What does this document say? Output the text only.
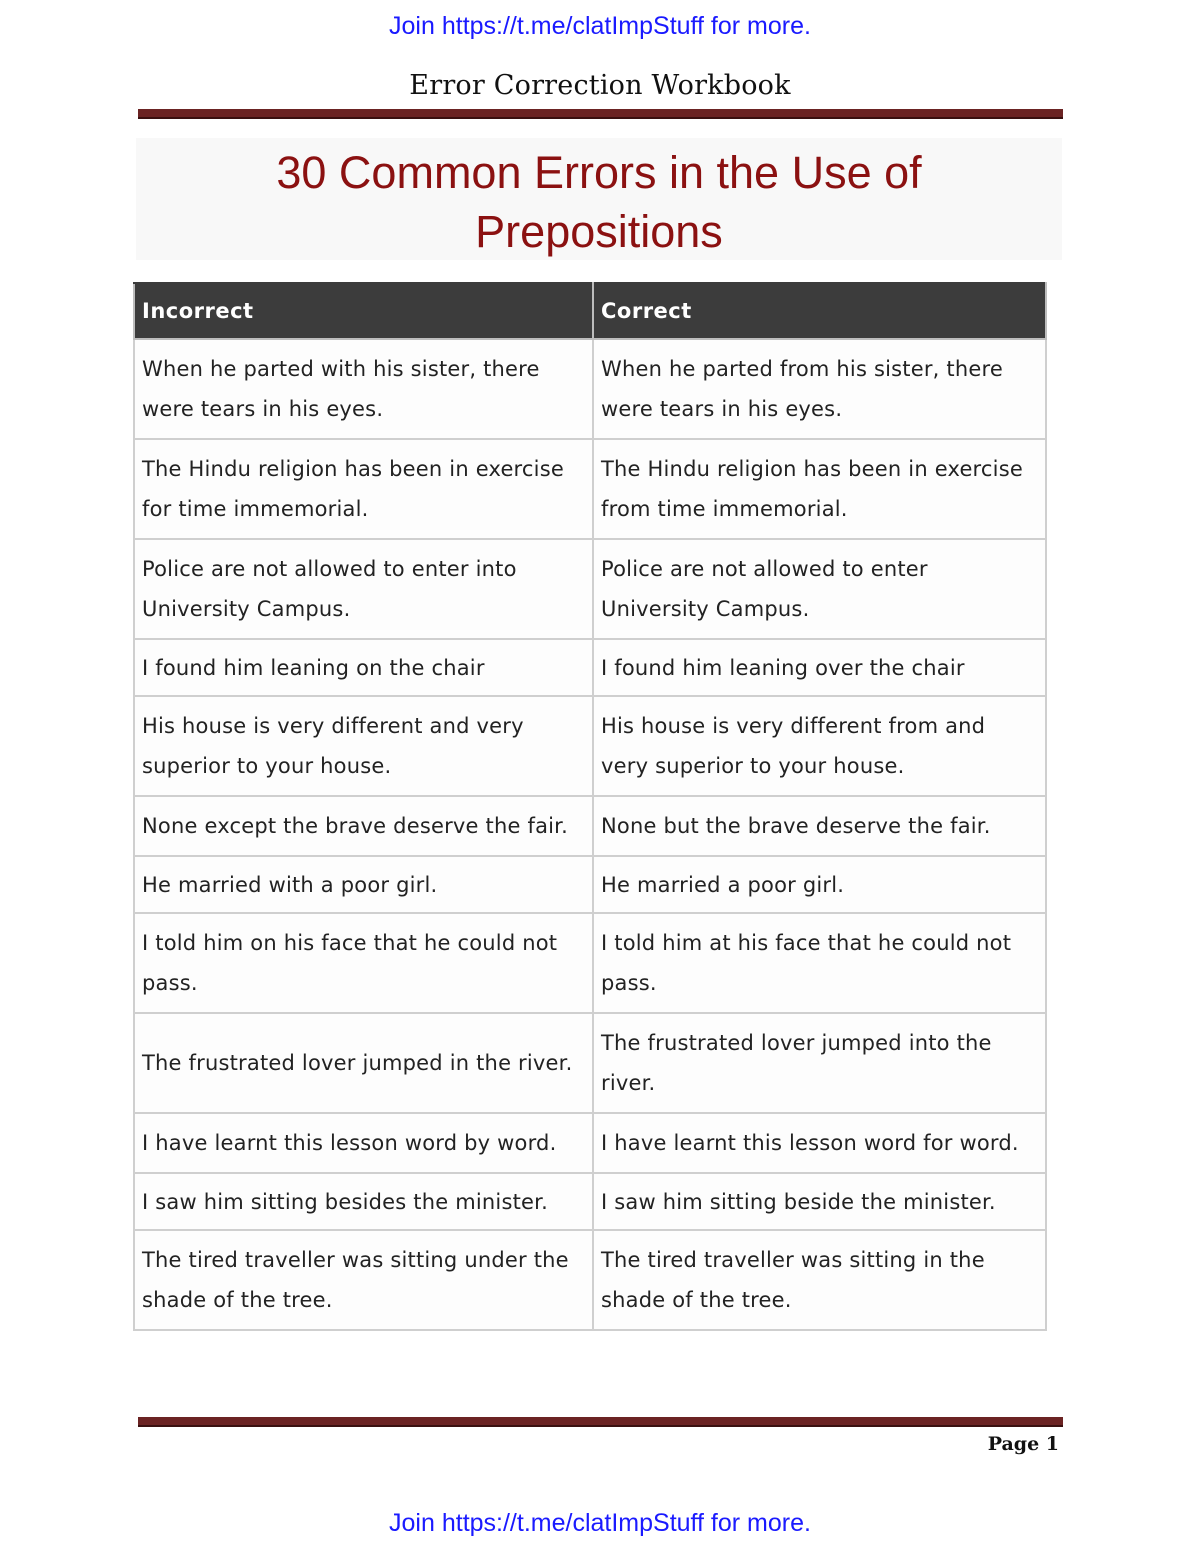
Join https://t.me/clatImpStuff for more.
Error Correction Workbook
30 Common Errors in the Use of
Prepositions
Incorrect	Correct
When he parted with his sister, there were tears in his eyes.	When he parted from his sister, there were tears in his eyes.
The Hindu religion has been in exercise for time immemorial.	The Hindu religion has been in exercise from time immemorial.
Police are not allowed to enter into University Campus.	Police are not allowed to enter University Campus.
I found him leaning on the chair	I found him leaning over the chair
His house is very different and very superior to your house.	His house is very different from and very superior to your house.
None except the brave deserve the fair.	None but the brave deserve the fair.
He married with a poor girl.	He married a poor girl.
I told him on his face that he could not pass.	I told him at his face that he could not pass.
The frustrated lover jumped in the river.	The frustrated lover jumped into the river.
I have learnt this lesson word by word.	I have learnt this lesson word for word.
I saw him sitting besides the minister.	I saw him sitting beside the minister.
The tired traveller was sitting under the shade of the tree.	The tired traveller was sitting in the shade of the tree.
Page 1
Join https://t.me/clatImpStuff for more.
